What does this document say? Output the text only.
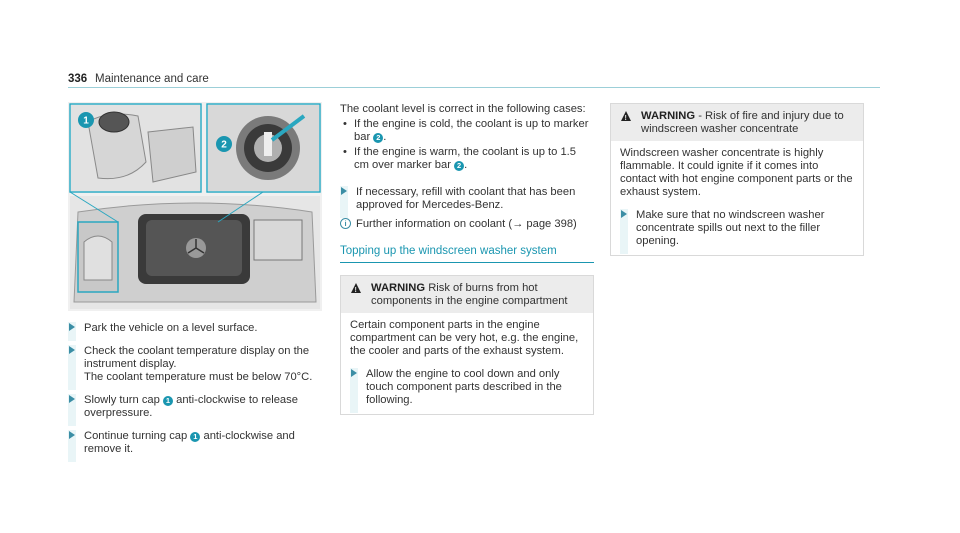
336 Maintenance and care
1
2
Park the vehicle on a level surface.
Check the coolant temperature display on the instrument display.
The coolant temperature must be below 70°C.
Slowly turn cap 1 anti-clockwise to release overpressure.
Continue turning cap 1 anti-clockwise and remove it.
The coolant level is correct in the following cases:
• If the engine is cold, the coolant is up to marker bar 2 .
• If the engine is warm, the coolant is up to 1.5 cm over marker bar 2 .
If necessary, refill with coolant that has been approved for Mercedes-Benz.
i Further information on coolant (→ page 398)
Topping up the windscreen washer system
!
WARNING Risk of burns from hot components in the engine compartment
Certain component parts in the engine compartment can be very hot, e.g. the engine, the cooler and parts of the exhaust system.
Allow the engine to cool down and only touch component parts described in the following.
!
WARNING - Risk of fire and injury due to windscreen washer concentrate
Windscreen washer concentrate is highly flammable. It could ignite if it comes into contact with hot engine component parts or the exhaust system.
Make sure that no windscreen washer concentrate spills out next to the filler opening.
